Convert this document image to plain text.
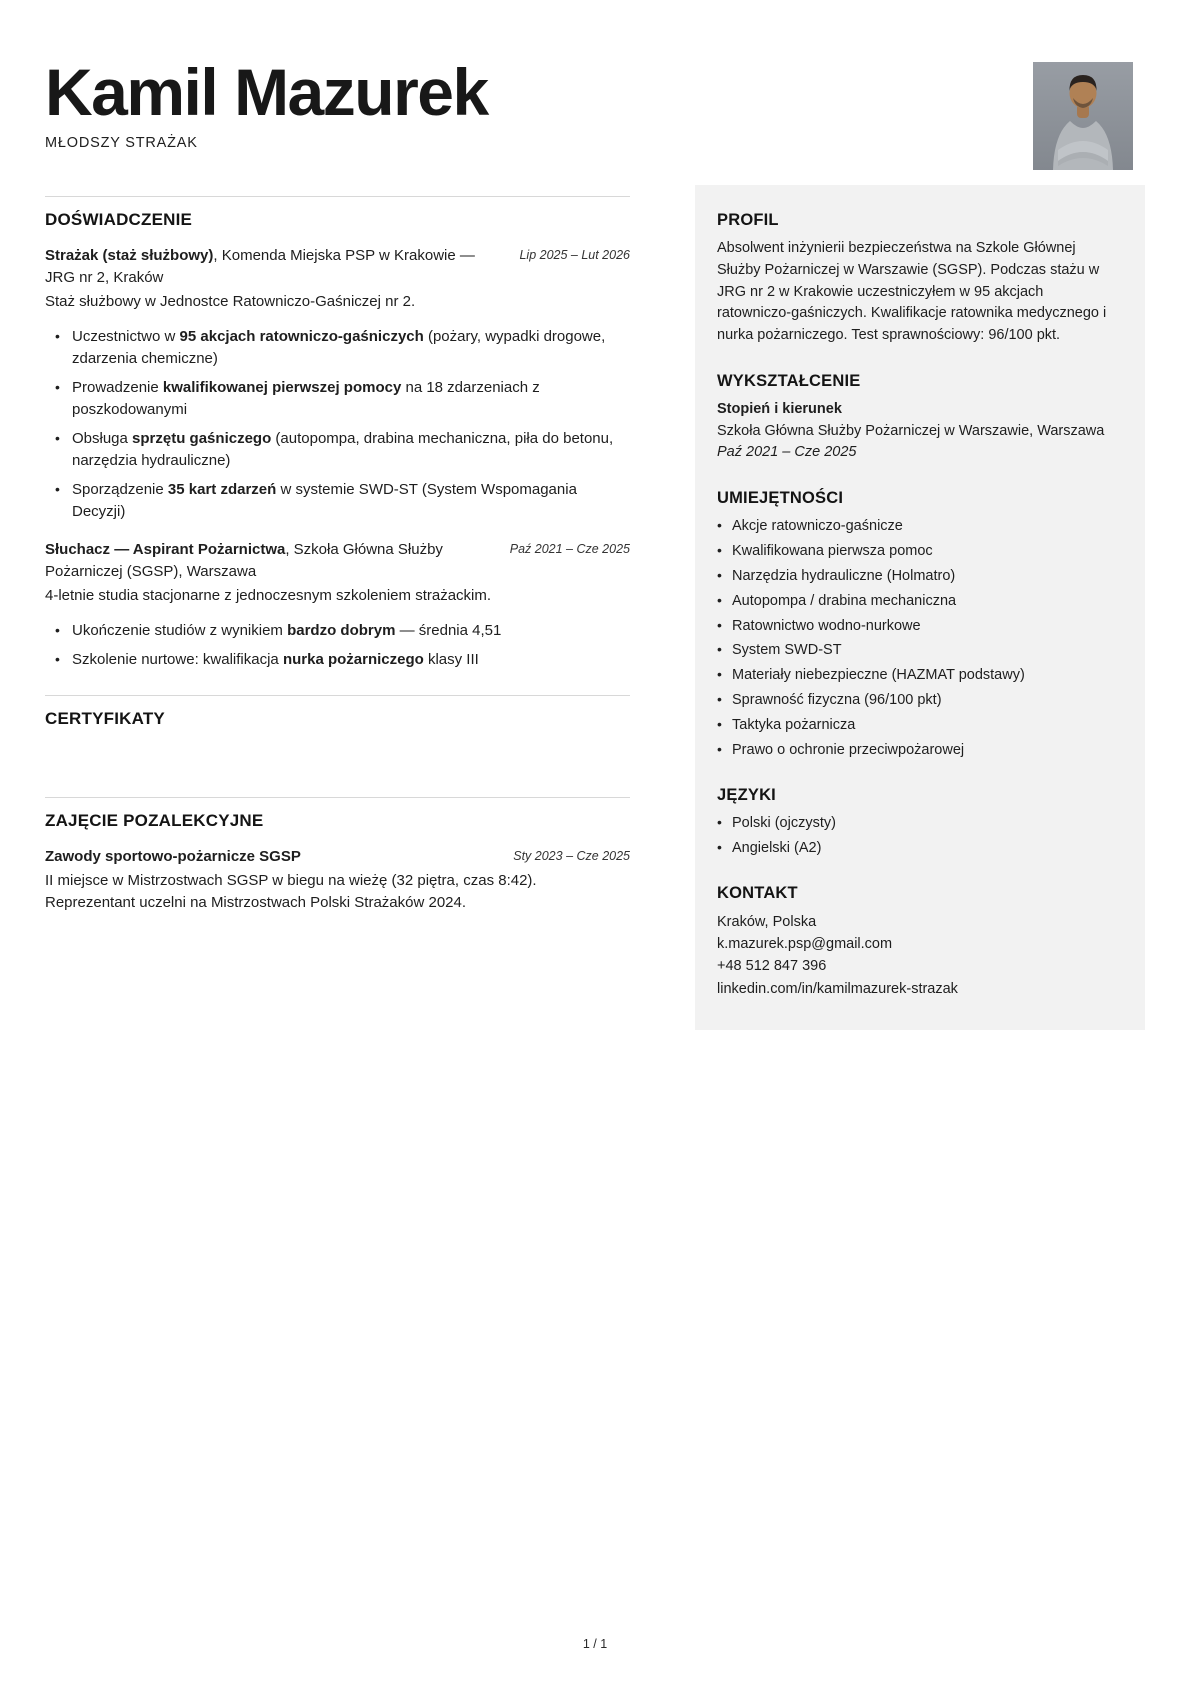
Kamil Mazurek
MŁODSZY STRAŻAK
DOŚWIADCZENIE

Strażak (staż służbowy), Komenda Miejska PSP w Krakowie — JRG nr 2, Kraków

Lip 2025 – Lut 2026

Staż służbowy w Jednostce Ratowniczo-Gaśniczej nr 2.

• Uczestnictwo w 95 akcjach ratowniczo-gaśniczych (pożary, wypadki drogowe, zdarzenia chemiczne)
• Prowadzenie kwalifikowanej pierwszej pomocy na 18 zdarzeniach z poszkodowanymi
• Obsługa sprzętu gaśniczego (autopompa, drabina mechaniczna, piła do betonu, narzędzia hydrauliczne)
• Sporządzenie 35 kart zdarzeń w systemie SWD-ST (System Wspomagania Decyzji)

Słuchacz — Aspirant Pożarnictwa, Szkoła Główna Służby Pożarniczej (SGSP), Warszawa

Paź 2021 – Cze 2025

4-letnie studia stacjonarne z jednoczesnym szkoleniem strażackim.

• Ukończenie studiów z wynikiem bardzo dobrym — średnia 4,51
• Szkolenie nurtowe: kwalifikacja nurka pożarniczego klasy III
CERTYFIKATY
ZAJĘCIE POZALEKCYJNE

Zawody sportowo-pożarnicze SGSP	Sty 2023 – Cze 2025

II miejsce w Mistrzostwach SGSP w biegu na wieżę (32 piętra, czas 8:42). Reprezentant uczelni na Mistrzostwach Polski Strażaków 2024.

PROFIL

Absolwent inżynierii bezpieczeństwa na Szkole Głównej Służby Pożarniczej w Warszawie (SGSP). Podczas stażu w JRG nr 2 w Krakowie uczestniczyłem w 95 akcjach ratowniczo-gaśniczych. Kwalifikacje ratownika medycznego i nurka pożarniczego. Test sprawnościowy: 96/100 pkt.

WYKSZTAŁCENIE

Stopień i kierunek

Szkoła Główna Służby Pożarniczej w Warszawie, Warszawa

Paź 2021 – Cze 2025

UMIEJĘTNOŚCI
• Akcje ratowniczo-gaśnicze
• Kwalifikowana pierwsza pomoc
• Narzędzia hydrauliczne (Holmatro)
• Autopompa / drabina mechaniczna
• Ratownictwo wodno-nurkowe
• System SWD-ST
• Materiały niebezpieczne (HAZMAT podstawy)
• Sprawność fizyczna (96/100 pkt)
• Taktyka pożarnicza
• Prawo o ochronie przeciwpożarowej
JĘZYKI
• Polski (ojczysty)
• Angielski (A2)
KONTAKT

Kraków, Polska

k.mazurek.psp@gmail.com

+48 512 847 396

linkedin.com/in/kamilmazurek-strazak

1 / 1
